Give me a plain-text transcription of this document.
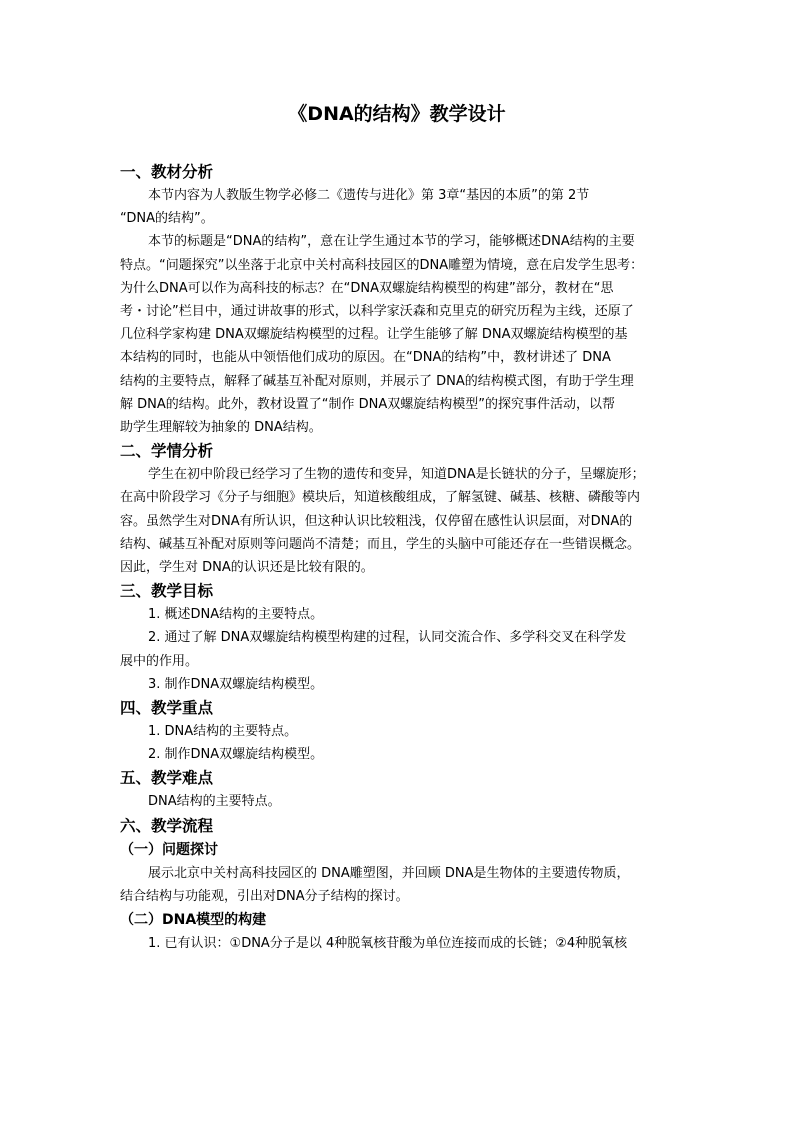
《DNA的结构》教学设计
一、教材分析
本节内容为人教版生物学必修二《遗传与进化》第 3章“基因的本质”的第 2节
“DNA的结构”。
本节的标题是“DNA的结构”，意在让学生通过本节的学习，能够概述DNA结构的主要
特点。“问题探究”以坐落于北京中关村高科技园区的DNA雕塑为情境，意在启发学生思考：
为什么DNA可以作为高科技的标志？在“DNA双螺旋结构模型的构建”部分，教材在“思
考・讨论”栏目中，通过讲故事的形式，以科学家沃森和克里克的研究历程为主线，还原了
几位科学家构建 DNA双螺旋结构模型的过程。让学生能够了解 DNA双螺旋结构模型的基
本结构的同时，也能从中领悟他们成功的原因。在“DNA的结构”中，教材讲述了 DNA
结构的主要特点，解释了碱基互补配对原则，并展示了 DNA的结构模式图，有助于学生理
解 DNA的结构。此外，教材设置了“制作 DNA双螺旋结构模型”的探究事件活动，以帮
助学生理解较为抽象的 DNA结构。
二、学情分析
学生在初中阶段已经学习了生物的遗传和变异，知道DNA是长链状的分子，呈螺旋形；
在高中阶段学习《分子与细胞》模块后，知道核酸组成，了解氢键、碱基、核糖、磷酸等内
容。虽然学生对DNA有所认识，但这种认识比较粗浅，仅停留在感性认识层面，对DNA的
结构、碱基互补配对原则等问题尚不清楚；而且，学生的头脑中可能还存在一些错误概念。
因此，学生对 DNA的认识还是比较有限的。
三、教学目标
1. 概述DNA结构的主要特点。
2. 通过了解 DNA双螺旋结构模型构建的过程，认同交流合作、多学科交叉在科学发
展中的作用。
3. 制作DNA双螺旋结构模型。
四、教学重点
1. DNA结构的主要特点。
2. 制作DNA双螺旋结构模型。
五、教学难点
DNA结构的主要特点。
六、教学流程
（一）问题探讨
展示北京中关村高科技园区的 DNA雕塑图，并回顾 DNA是生物体的主要遗传物质，
结合结构与功能观，引出对DNA分子结构的探讨。
（二）DNA模型的构建
1. 已有认识：①DNA分子是以 4种脱氧核苷酸为单位连接而成的长链；②4种脱氧核
